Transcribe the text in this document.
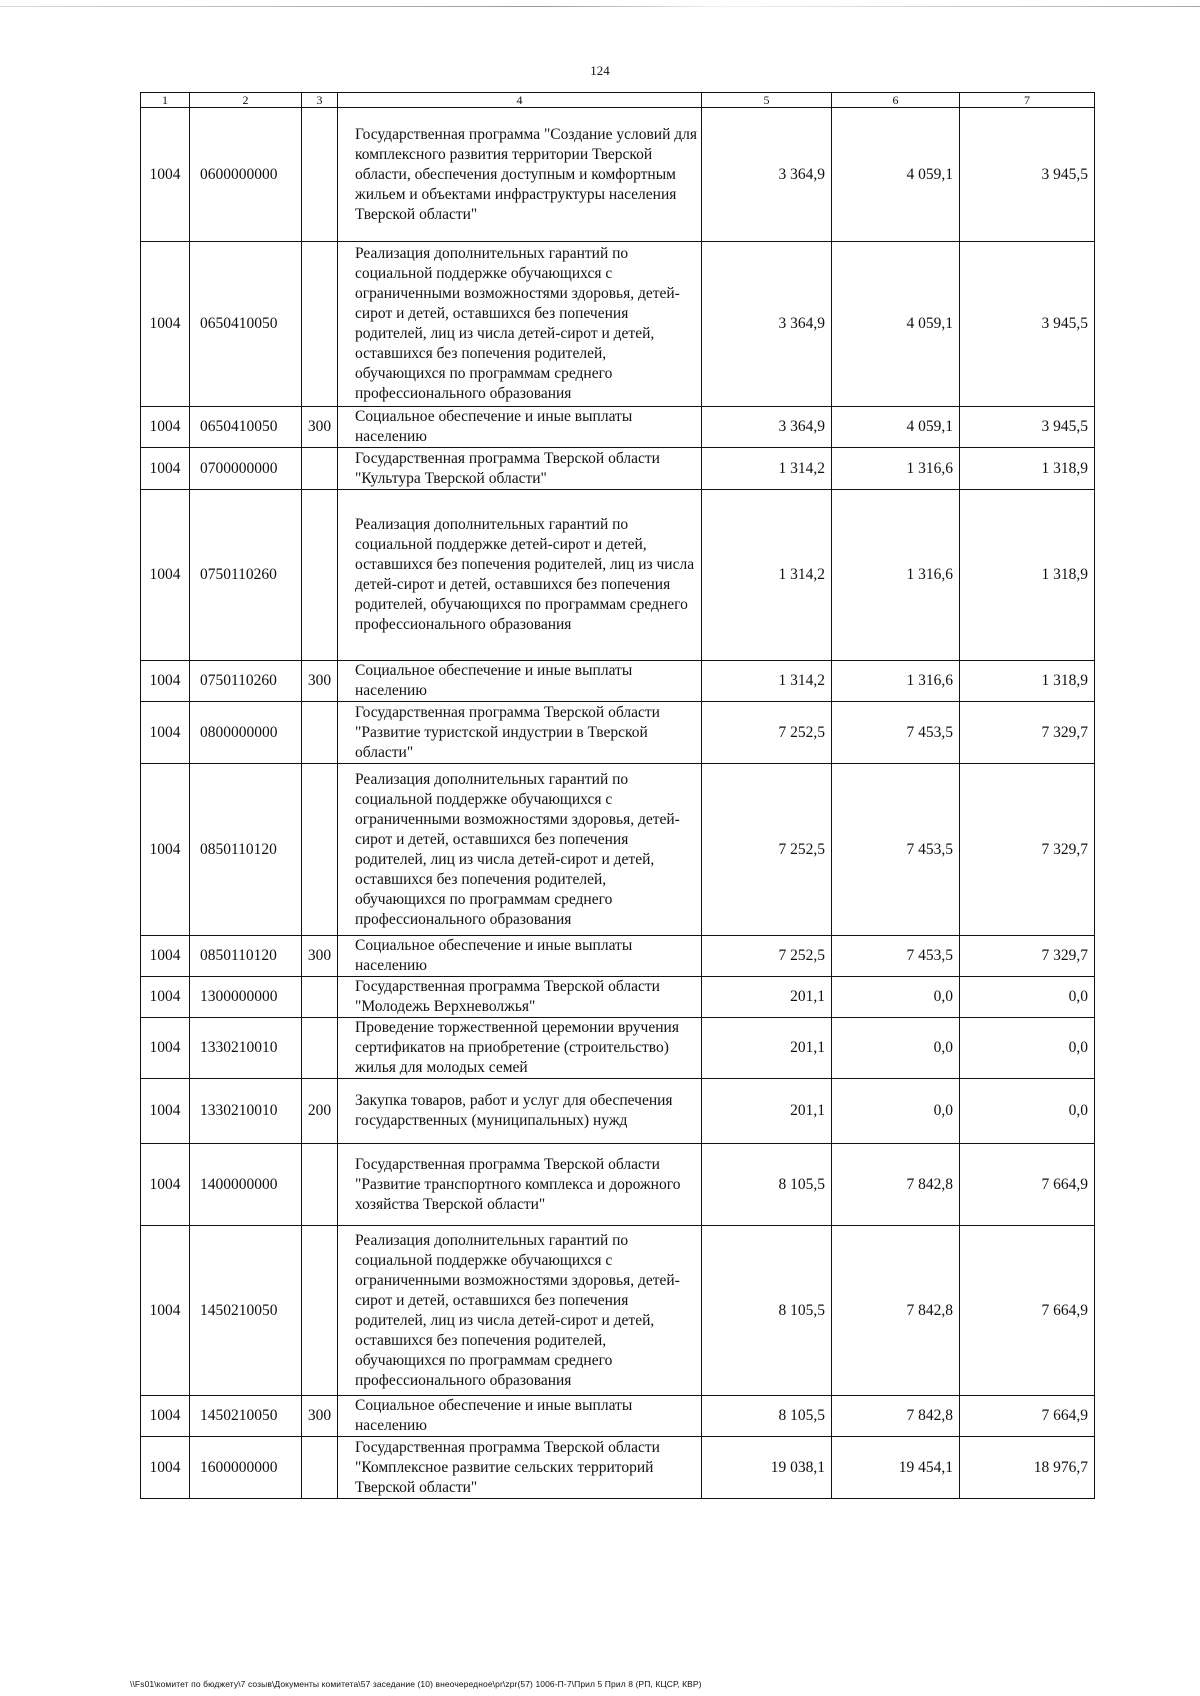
124
1	2	3	4	5	6	7
1004	0600000000		Государственная программа "Создание условий для комплексного развития территории Тверской области, обеспечения доступным и комфортным жильем и объектами инфраструктуры населения Тверской области"	3 364,9	4 059,1	3 945,5
1004	0650410050		Реализация дополнительных гарантий по социальной поддержке обучающихся с ограниченными возможностями здоровья, детей-сирот и детей, оставшихся без попечения родителей, лиц из числа детей-сирот и детей, оставшихся без попечения родителей, обучающихся по программам среднего профессионального образования	3 364,9	4 059,1	3 945,5
1004	0650410050	300	Социальное обеспечение и иные выплаты населению	3 364,9	4 059,1	3 945,5
1004	0700000000		Государственная программа Тверской области "Культура Тверской области"	1 314,2	1 316,6	1 318,9
1004	0750110260		Реализация дополнительных гарантий по социальной поддержке детей-сирот и детей, оставшихся без попечения родителей, лиц из числа детей-сирот и детей, оставшихся без попечения родителей, обучающихся по программам среднего профессионального образования	1 314,2	1 316,6	1 318,9
1004	0750110260	300	Социальное обеспечение и иные выплаты населению	1 314,2	1 316,6	1 318,9
1004	0800000000		Государственная программа Тверской области "Развитие туристской индустрии в Тверской области"	7 252,5	7 453,5	7 329,7
1004	0850110120		Реализация дополнительных гарантий по социальной поддержке обучающихся с ограниченными возможностями здоровья, детей-сирот и детей, оставшихся без попечения родителей, лиц из числа детей-сирот и детей, оставшихся без попечения родителей, обучающихся по программам среднего профессионального образования	7 252,5	7 453,5	7 329,7
1004	0850110120	300	Социальное обеспечение и иные выплаты населению	7 252,5	7 453,5	7 329,7
1004	1300000000		Государственная программа Тверской области "Молодежь Верхневолжья"	201,1	0,0	0,0
1004	1330210010		Проведение торжественной церемонии вручения сертификатов на приобретение (строительство) жилья для молодых семей	201,1	0,0	0,0
1004	1330210010	200	Закупка товаров, работ и услуг для обеспечения государственных (муниципальных) нужд	201,1	0,0	0,0
1004	1400000000		Государственная программа Тверской области "Развитие транспортного комплекса и дорожного хозяйства Тверской области"	8 105,5	7 842,8	7 664,9
1004	1450210050		Реализация дополнительных гарантий по социальной поддержке обучающихся с ограниченными возможностями здоровья, детей-сирот и детей, оставшихся без попечения родителей, лиц из числа детей-сирот и детей, оставшихся без попечения родителей, обучающихся по программам среднего профессионального образования	8 105,5	7 842,8	7 664,9
1004	1450210050	300	Социальное обеспечение и иные выплаты населению	8 105,5	7 842,8	7 664,9
1004	1600000000		Государственная программа Тверской области "Комплексное развитие сельских территорий Тверской области"	19 038,1	19 454,1	18 976,7
\\Fs01\комитет по бюджету\7 созыв\Документы комитета\57 заседание (10) внеочередное\pr\zpr(57) 1006-П-7\Прил 5 Прил 8 (РП, КЦСР, КВР)
